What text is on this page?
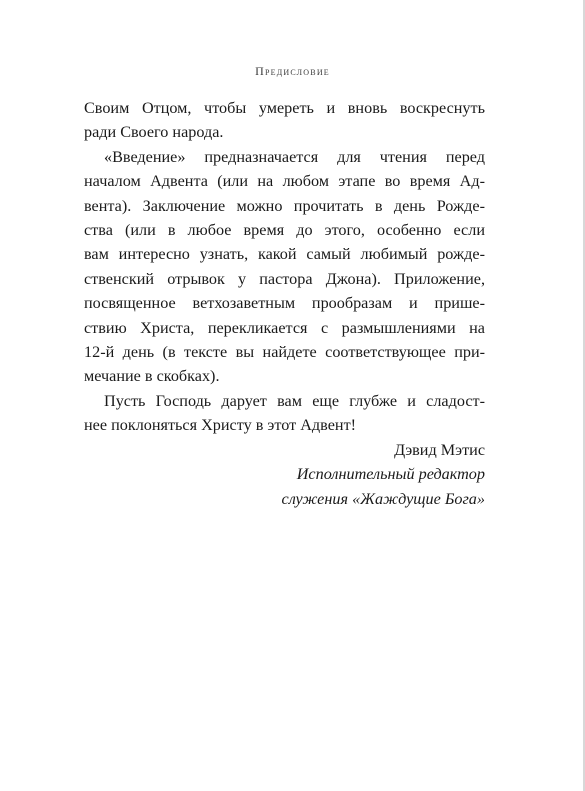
Предисловие
Своим Отцом, чтобы умереть и вновь воскреснуть
ради Своего народа.
«Введение» предназначается для чтения перед
началом Адвента (или на любом этапе во время Ад-
вента). Заключение можно прочитать в день Рожде-
ства (или в любое время до этого, особенно если
вам интересно узнать, какой самый любимый рожде-
ственский отрывок у пастора Джона). Приложение,
посвященное ветхозаветным прообразам и прише-
ствию Христа, перекликается с размышлениями на
12-й день (в тексте вы найдете соответствующее при-
мечание в скобках).
Пусть Господь дарует вам еще глубже и сладост-
нее поклоняться Христу в этот Адвент!
Дэвид Мэтис
Исполнительный редактор
служения «Жаждущие Бога»
